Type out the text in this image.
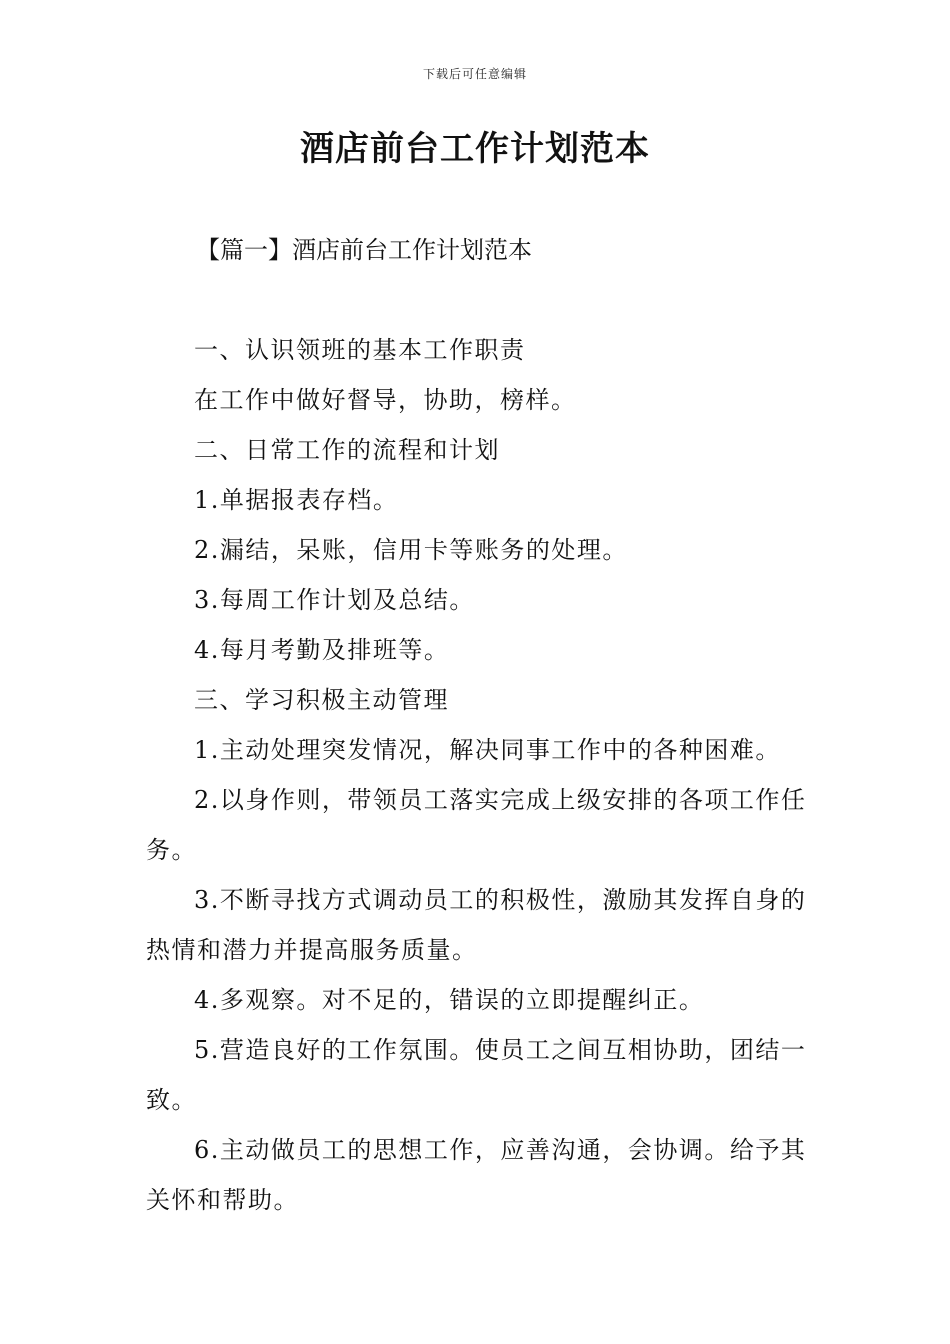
下载后可任意编辑
酒店前台工作计划范本
【篇一】酒店前台工作计划范本

一、认识领班的基本工作职责

在工作中做好督导，协助，榜样。

二、日常工作的流程和计划

1.单据报表存档。

2.漏结，呆账，信用卡等账务的处理。

3.每周工作计划及总结。

4.每月考勤及排班等。

三、学习积极主动管理

1.主动处理突发情况，解决同事工作中的各种困难。

2.以身作则，带领员工落实完成上级安排的各项工作任务。

3.不断寻找方式调动员工的积极性，激励其发挥自身的热情和潜力并提高服务质量。

4.多观察。对不足的，错误的立即提醒纠正。

5.营造良好的工作氛围。使员工之间互相协助，团结一致。

6.主动做员工的思想工作，应善沟通，会协调。给予其关怀和帮助。
